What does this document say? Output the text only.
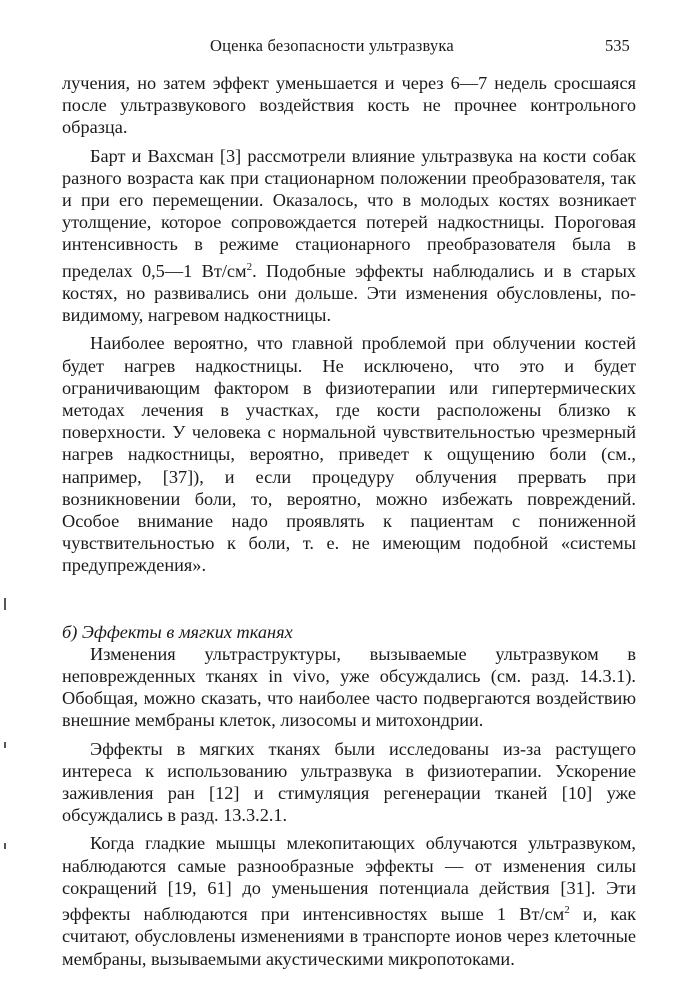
Оценка безопасности ультразвука	535

лучения, но затем эффект уменьшается и через 6—7 недель сросшаяся после ультразвукового воздействия кость не прочнее контрольного образца.

Барт и Вахсман [3] рассмотрели влияние ультразвука на кости собак разного возраста как при стационарном положении преобразователя, так и при его перемещении. Оказалось, что в молодых костях возникает утолщение, которое сопровождается потерей надкостницы. Пороговая интенсивность в режиме стационарного преобразователя была в пределах 0,5—1 $Вт/см^2$. Подобные эффекты наблюдались и в старых костях, но развивались они дольше. Эти изменения обусловлены, по-видимому, нагревом надкостницы.

Наиболее вероятно, что главной проблемой при облучении костей будет нагрев надкостницы. Не исключено, что это и будет ограничивающим фактором в физиотерапии или гипертермических методах лечения в участках, где кости расположены близко к поверхности. У человека с нормальной чувствительностью чрезмерный нагрев надкостницы, вероятно, приведет к ощущению боли (см., например, [37]), и если процедуру облучения прервать при возникновении боли, то, вероятно, можно избежать повреждений. Особое внимание надо проявлять к пациентам с пониженной чувствительностью к боли, т. е. не имеющим подобной «системы предупреждения».

б) Эффекты в мягких тканях

Изменения ультраструктуры, вызываемые ультразвуком в неповрежденных тканях in vivo, уже обсуждались (см. разд. 14.3.1). Обобщая, можно сказать, что наиболее часто подвергаются воздействию внешние мембраны клеток, лизосомы и митохондрии.

Эффекты в мягких тканях были исследованы из-за растущего интереса к использованию ультразвука в физиотерапии. Ускорение заживления ран [12] и стимуляция регенерации тканей [10] уже обсуждались в разд. 13.3.2.1.

Когда гладкие мышцы млекопитающих облучаются ультразвуком, наблюдаются самые разнообразные эффекты — от изменения силы сокращений [19, 61] до уменьшения потенциала действия [31]. Эти эффекты наблюдаются при интенсивностях выше 1 $Вт/см^2$ и, как считают, обусловлены изменениями в транспорте ионов через клеточные мембраны, вызываемыми акустическими микропотоками.
